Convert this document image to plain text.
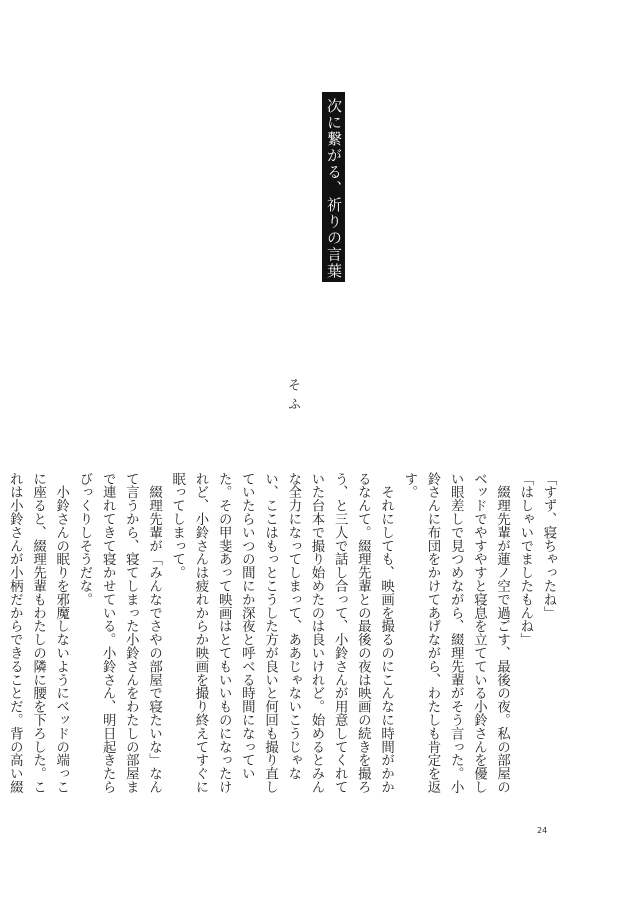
次に繋がる、祈りの言葉
そふ

「すず、寝ちゃったね」

「はしゃいでましたもんね」

　綴理先輩が蓮ノ空で過ごす、最後の夜。私の部屋のベッドでやすやすと寝息を立てている小鈴さんを優しい眼差しで見つめながら、綴理先輩がそう言った。小鈴さんに布団をかけてあげながら、わたしも肯定を返す。

　それにしても、映画を撮るのにこんなに時間がかかるなんて。綴理先輩との最後の夜は映画の続きを撮ろう、と三人で話し合って、小鈴さんが用意してくれていた台本で撮り始めたのは良いけれど。始めるとみんな全力になってしまって、ああじゃないこうじゃない、ここはもっとこうした方が良いと何回も撮り直していたらいつの間にか深夜と呼べる時間になっていた。その甲斐あって映画はとてもいいものになったけれど、小鈴さんは疲れからか映画を撮り終えてすぐに眠ってしまって。

　綴理先輩が「みんなでさやの部屋で寝たいな」なんて言うから、寝てしまった小鈴さんをわたしの部屋まで連れてきて寝かせている。小鈴さん、明日起きたらびっくりしそうだな。

　小鈴さんの眠りを邪魔しないようにベッドの端っこに座ると、綴理先輩もわたしの隣に腰を下ろした。これは小鈴さんが小柄だからできることだ。背の高い綴

24
